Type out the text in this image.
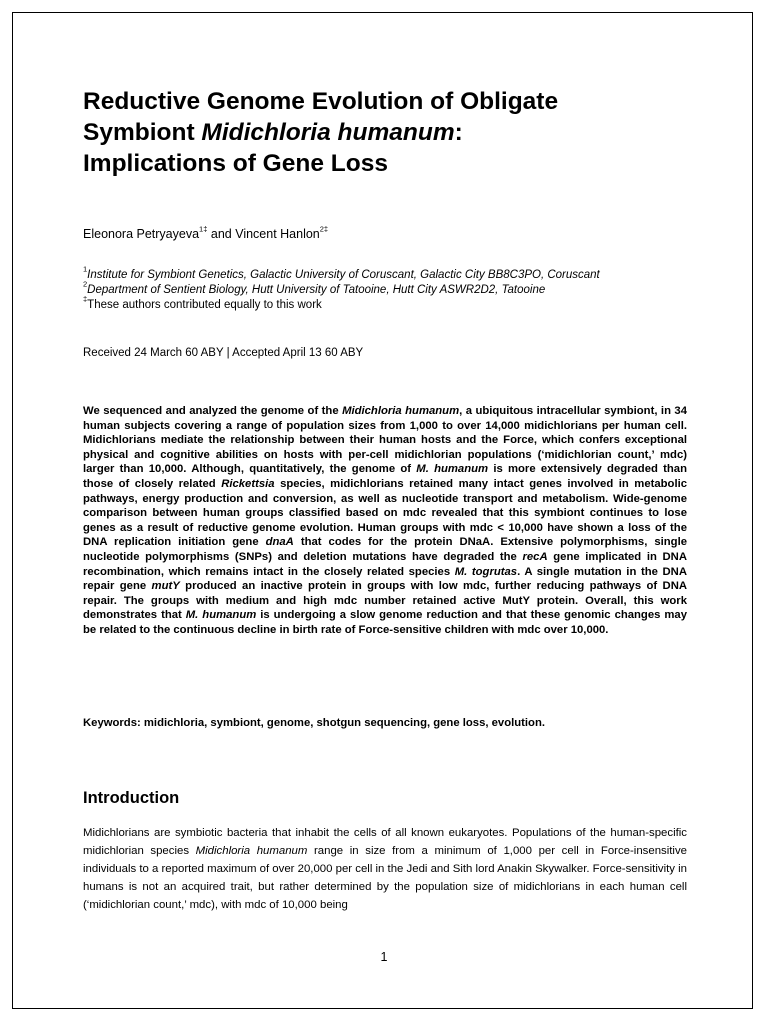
Reductive Genome Evolution of Obligate
Symbiont Midichloria humanum:
Implications of Gene Loss
Eleonora Petryayeva$^{1\ddagger}$ and Vincent Hanlon$^{2\ddagger}$
$^1$Institute for Symbiont Genetics, Galactic University of Coruscant, Galactic City BB8C3PO, Coruscant
$^2$Department of Sentient Biology, Hutt University of Tatooine, Hutt City ASWR2D2, Tatooine
‡These authors contributed equally to this work
Received 24 March 60 ABY | Accepted April 13 60 ABY

We sequenced and analyzed the genome of the Midichloria humanum, a ubiquitous intracellular symbiont, in 34 human subjects covering a range of population sizes from 1,000 to over 14,000 midichlorians per human cell. Midichlorians mediate the relationship between their human hosts and the Force, which confers exceptional physical and cognitive abilities on hosts with per-cell midichlorian populations (‘midichlorian count,’ mdc) larger than 10,000. Although, quantitatively, the genome of M. humanum is more extensively degraded than those of closely related Rickettsia species, midichlorians retained many intact genes involved in metabolic pathways, energy production and conversion, as well as nucleotide transport and metabolism. Wide-genome comparison between human groups classified based on mdc revealed that this symbiont continues to lose genes as a result of reductive genome evolution. Human groups with mdc < 10,000 have shown a loss of the DNA replication initiation gene dnaA that codes for the protein DNaA. Extensive polymorphisms, single nucleotide polymorphisms (SNPs) and deletion mutations have degraded the recA gene implicated in DNA recombination, which remains intact in the closely related species M. togrutas. A single mutation in the DNA repair gene mutY produced an inactive protein in groups with low mdc, further reducing pathways of DNA repair. The groups with medium and high mdc number retained active MutY protein. Overall, this work demonstrates that M. humanum is undergoing a slow genome reduction and that these genomic changes may be related to the continuous decline in birth rate of Force-sensitive children with mdc over 10,000.

Keywords: midichloria, symbiont, genome, shotgun sequencing, gene loss, evolution.
Introduction

Midichlorians are symbiotic bacteria that inhabit the cells of all known eukaryotes. Populations of the human-specific midichlorian species Midichloria humanum range in size from a minimum of 1,000 per cell in Force-insensitive individuals to a reported maximum of over 20,000 per cell in the Jedi and Sith lord Anakin Skywalker. Force-sensitivity in humans is not an acquired trait, but rather determined by the population size of midichlorians in each human cell (‘midichlorian count,’ mdc), with mdc of 10,000 being

1
